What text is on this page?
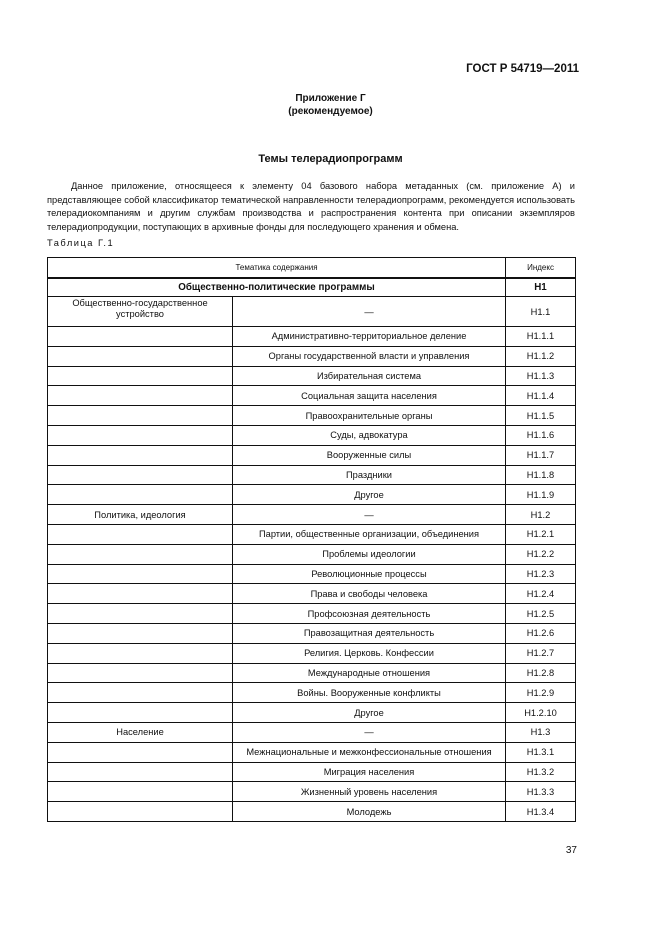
ГОСТ Р 54719—2011
Приложение Г
(рекомендуемое)
Темы телерадиопрограмм
Данное приложение, относящееся к элементу 04 базового набора метаданных (см. приложение А) и представляющее собой классификатор тематической направленности телерадиопрограмм, рекомендуется использовать телерадиокомпаниям и другим службам производства и распространения контента при описании экземпляров телерадиопродукции, поступающих в архивные фонды для последующего хранения и обмена.
Таблица Г.1
Тематика содержания		Индекс
Общественно-политические программы		Н1
Общественно-государственное устройство	—	Н1.1
	Административно-территориальное деление	Н1.1.1
	Органы государственной власти и управления	Н1.1.2
	Избирательная система	Н1.1.3
	Социальная защита населения	Н1.1.4
	Правоохранительные органы	Н1.1.5
	Суды, адвокатура	Н1.1.6
	Вооруженные силы	Н1.1.7
	Праздники	Н1.1.8
	Другое	Н1.1.9
Политика, идеология	—	Н1.2
	Партии, общественные организации, объединения	Н1.2.1
	Проблемы идеологии	Н1.2.2
	Революционные процессы	Н1.2.3
	Права и свободы человека	Н1.2.4
	Профсоюзная деятельность	Н1.2.5
	Правозащитная деятельность	Н1.2.6
	Религия. Церковь. Конфессии	Н1.2.7
	Международные отношения	Н1.2.8
	Войны. Вооруженные конфликты	Н1.2.9
	Другое	Н1.2.10
Население	—	Н1.3
	Межнациональные и межконфессиональные отношения	Н1.3.1
	Миграция населения	Н1.3.2
	Жизненный уровень населения	Н1.3.3
	Молодежь	Н1.3.4
37
